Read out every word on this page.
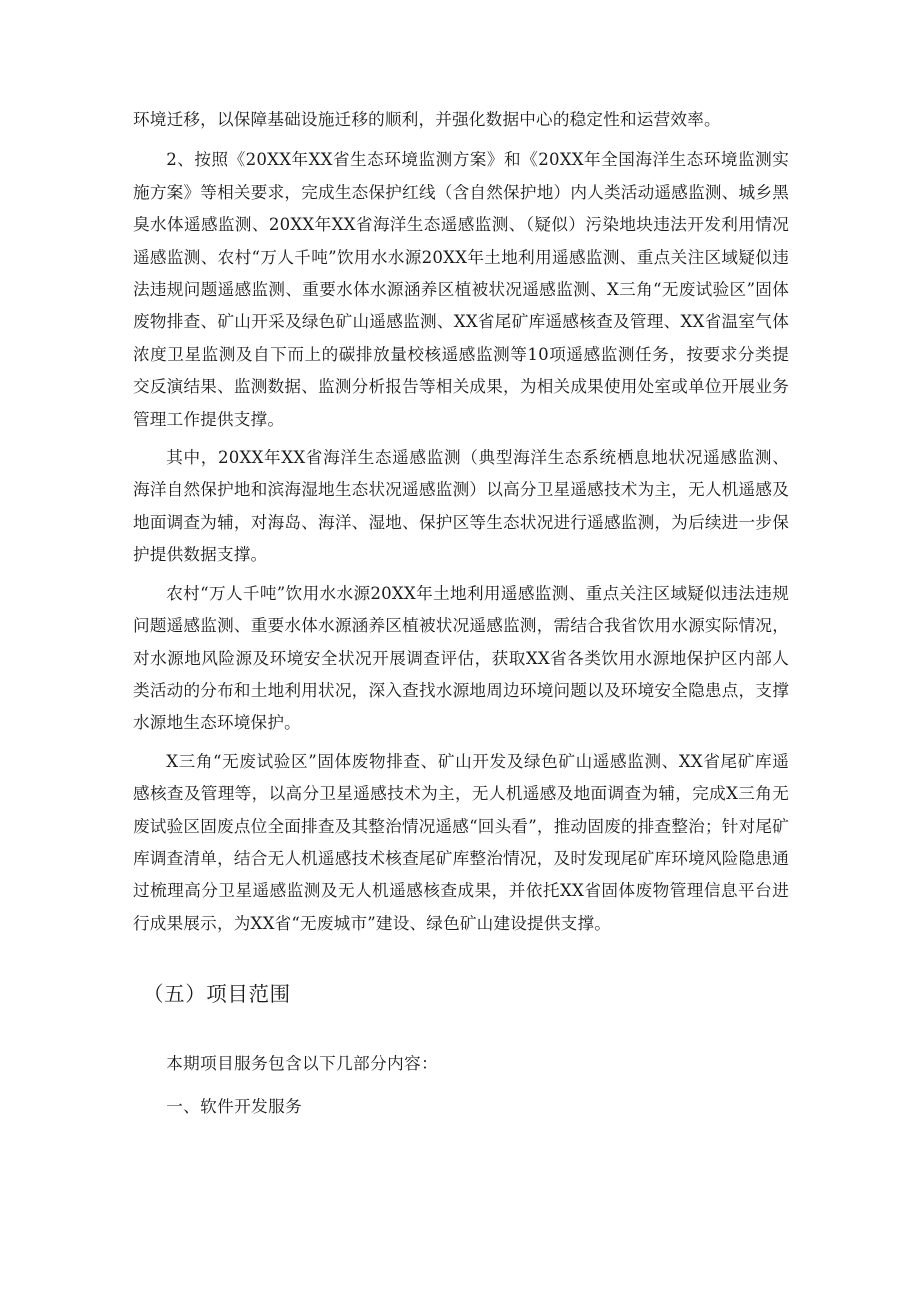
环境迁移，以保障基础设施迁移的顺利，并强化数据中心的稳定性和运营效率。

2、按照《20XX年XX省生态环境监测方案》和《20XX年全国海洋生态环境监测实施方案》等相关要求，完成生态保护红线（含自然保护地）内人类活动遥感监测、城乡黑臭水体遥感监测、20XX年XX省海洋生态遥感监测、（疑似）污染地块违法开发利用情况遥感监测、农村“万人千吨”饮用水水源20XX年土地利用遥感监测、重点关注区域疑似违法违规问题遥感监测、重要水体水源涵养区植被状况遥感监测、X三角“无废试验区”固体废物排查、矿山开采及绿色矿山遥感监测、XX省尾矿库遥感核查及管理、XX省温室气体浓度卫星监测及自下而上的碳排放量校核遥感监测等10项遥感监测任务，按要求分类提交反演结果、监测数据、监测分析报告等相关成果，为相关成果使用处室或单位开展业务管理工作提供支撑。

其中，20XX年XX省海洋生态遥感监测（典型海洋生态系统栖息地状况遥感监测、海洋自然保护地和滨海湿地生态状况遥感监测）以高分卫星遥感技术为主，无人机遥感及地面调查为辅，对海岛、海洋、湿地、保护区等生态状况进行遥感监测，为后续进一步保护提供数据支撑。

农村“万人千吨”饮用水水源20XX年土地利用遥感监测、重点关注区域疑似违法违规问题遥感监测、重要水体水源涵养区植被状况遥感监测，需结合我省饮用水源实际情况，对水源地风险源及环境安全状况开展调查评估，获取XX省各类饮用水源地保护区内部人类活动的分布和土地利用状况，深入查找水源地周边环境问题以及环境安全隐患点，支撑水源地生态环境保护。

X三角“无废试验区”固体废物排查、矿山开发及绿色矿山遥感监测、XX省尾矿库遥感核查及管理等，以高分卫星遥感技术为主，无人机遥感及地面调查为辅，完成X三角无废试验区固废点位全面排查及其整治情况遥感“回头看”，推动固废的排查整治；针对尾矿库调查清单，结合无人机遥感技术核查尾矿库整治情况，及时发现尾矿库环境风险隐患通过梳理高分卫星遥感监测及无人机遥感核查成果，并依托XX省固体废物管理信息平台进行成果展示，为XX省“无废城市”建设、绿色矿山建设提供支撑。

（五）项目范围

本期项目服务包含以下几部分内容：

一、软件开发服务
